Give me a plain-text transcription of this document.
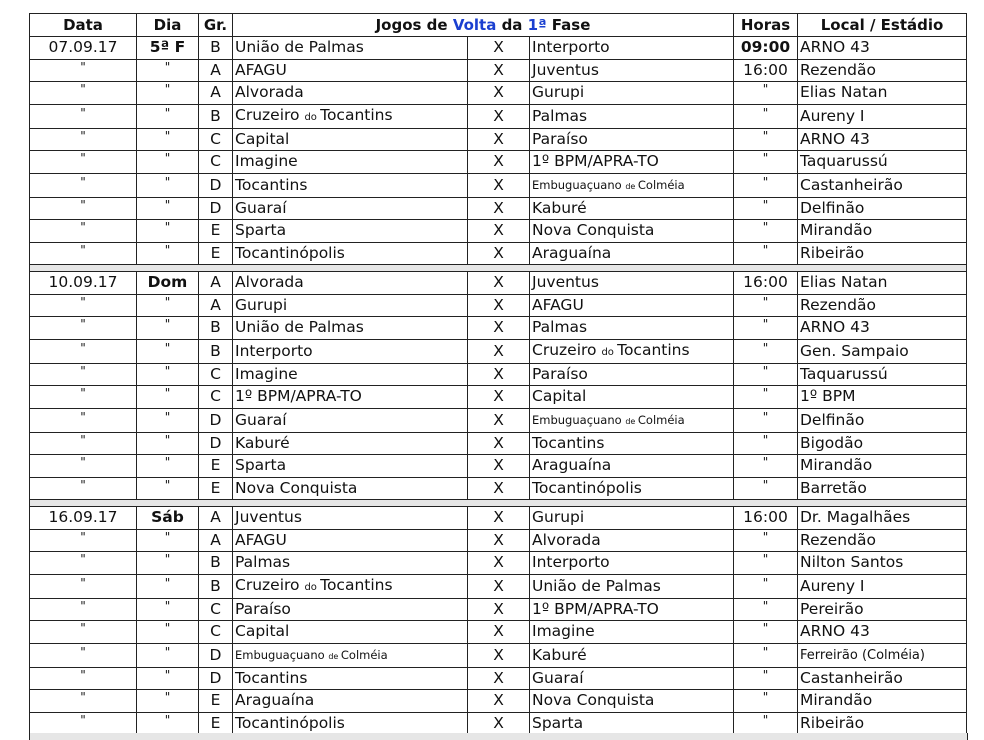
Data	Dia	Gr.	Jogos de Volta da 1ª Fase			Horas	Local / Estádio
07.09.17	5ª F	B	União de Palmas	X	Interporto	09:00	ARNO 43
"	"	A	AFAGU	X	Juventus	16:00	Rezendão
"	"	A	Alvorada	X	Gurupi	"	Elias Natan
"	"	B	Cruzeiro do Tocantins	X	Palmas	"	Aureny I
"	"	C	Capital	X	Paraíso	"	ARNO 43
"	"	C	Imagine	X	1º BPM/APRA-TO	"	Taquarussú
"	"	D	Tocantins	X	Embuguaçuano de Colméia	"	Castanheirão
"	"	D	Guaraí	X	Kaburé	"	Delfinão
"	"	E	Sparta	X	Nova Conquista	"	Mirandão
"	"	E	Tocantinópolis	X	Araguaína	"	Ribeirão

10.09.17	Dom	A	Alvorada	X	Juventus	16:00	Elias Natan
"	"	A	Gurupi	X	AFAGU	"	Rezendão
"	"	B	União de Palmas	X	Palmas	"	ARNO 43
"	"	B	Interporto	X	Cruzeiro do Tocantins	"	Gen. Sampaio
"	"	C	Imagine	X	Paraíso	"	Taquarussú
"	"	C	1º BPM/APRA-TO	X	Capital	"	1º BPM
"	"	D	Guaraí	X	Embuguaçuano de Colméia	"	Delfinão
"	"	D	Kaburé	X	Tocantins	"	Bigodão
"	"	E	Sparta	X	Araguaína	"	Mirandão
"	"	E	Nova Conquista	X	Tocantinópolis	"	Barretão

16.09.17	Sáb	A	Juventus	X	Gurupi	16:00	Dr. Magalhães
"	"	A	AFAGU	X	Alvorada	"	Rezendão
"	"	B	Palmas	X	Interporto	"	Nilton Santos
"	"	B	Cruzeiro do Tocantins	X	União de Palmas	"	Aureny I
"	"	C	Paraíso	X	1º BPM/APRA-TO	"	Pereirão
"	"	C	Capital	X	Imagine	"	ARNO 43
"	"	D	Embuguaçuano de Colméia	X	Kaburé	"	Ferreirão (Colméia)
"	"	D	Tocantins	X	Guaraí	"	Castanheirão
"	"	E	Araguaína	X	Nova Conquista	"	Mirandão
"	"	E	Tocantinópolis	X	Sparta	"	Ribeirão
